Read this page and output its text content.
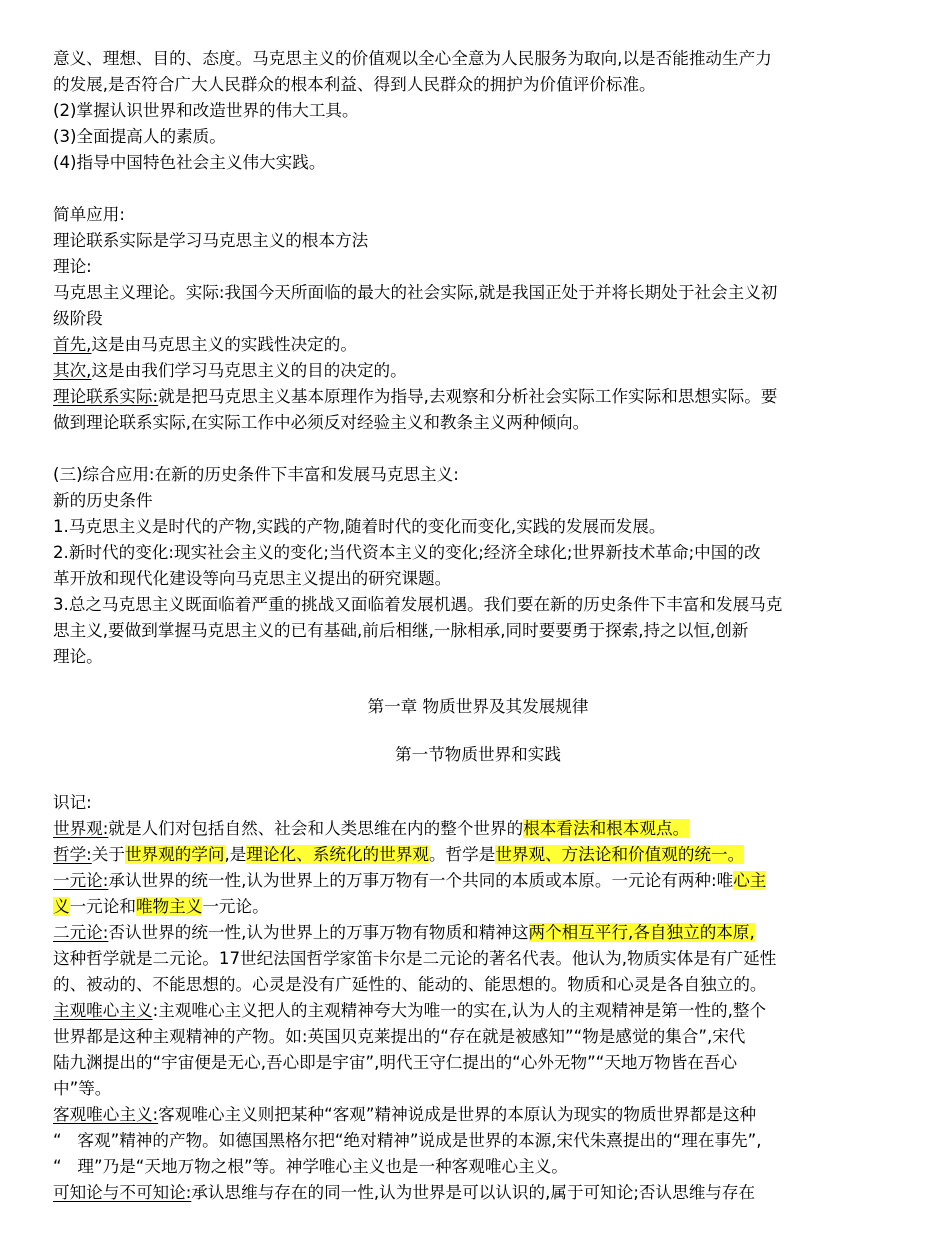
意义、理想、目的、态度。马克思主义的价值观以全心全意为人民服务为取向,以是否能推动生产力
的发展,是否符合广大人民群众的根本利益、得到人民群众的拥护为价值评价标准。
(2)掌握认识世界和改造世界的伟大工具。
(3)全面提高人的素质。
(4)指导中国特色社会主义伟大实践。
简单应用:
理论联系实际是学习马克思主义的根本方法
理论:
马克思主义理论。实际:我国今天所面临的最大的社会实际,就是我国正处于并将长期处于社会主义初
级阶段
首先,这是由马克思主义的实践性决定的。
其次,这是由我们学习马克思主义的目的决定的。
理论联系实际:就是把马克思主义基本原理作为指导,去观察和分析社会实际工作实际和思想实际。要
做到理论联系实际,在实际工作中必须反对经验主义和教条主义两种倾向。
(三)综合应用:在新的历史条件下丰富和发展马克思主义:
新的历史条件
1.马克思主义是时代的产物,实践的产物,随着时代的变化而变化,实践的发展而发展。
2.新时代的变化:现实社会主义的变化;当代资本主义的变化;经济全球化;世界新技术革命;中国的改
革开放和现代化建设等向马克思主义提出的研究课题。
3.总之马克思主义既面临着严重的挑战又面临着发展机遇。我们要在新的历史条件下丰富和发展马克
思主义,要做到掌握马克思主义的已有基础,前后相继,一脉相承,同时要要勇于探索,持之以恒,创新
理论。
第一章 物质世界及其发展规律
第一节物质世界和实践
识记:
世界观:就是人们对包括自然、社会和人类思维在内的整个世界的根本看法和根本观点。
哲学:关于世界观的学问,是理论化、系统化的世界观。哲学是世界观、方法论和价值观的统一。
一元论:承认世界的统一性,认为世界上的万事万物有一个共同的本质或本原。一元论有两种:唯心主
义一元论和唯物主义一元论。
二元论:否认世界的统一性,认为世界上的万事万物有物质和精神这两个相互平行,各自独立的本原,
这种哲学就是二元论。17世纪法国哲学家笛卡尔是二元论的著名代表。他认为,物质实体是有广延性
的、被动的、不能思想的。心灵是没有广延性的、能动的、能思想的。物质和心灵是各自独立的。
主观唯心主义:主观唯心主义把人的主观精神夸大为唯一的实在,认为人的主观精神是第一性的,整个
世界都是这种主观精神的产物。如:英国贝克莱提出的“存在就是被感知”“物是感觉的集合”,宋代
陆九渊提出的“宇宙便是无心,吾心即是宇宙”,明代王守仁提出的“心外无物”“天地万物皆在吾心
中”等。
客观唯心主义:客观唯心主义则把某种“客观”精神说成是世界的本原认为现实的物质世界都是这种
“   客观”精神的产物。如德国黑格尔把“绝对精神”说成是世界的本源,宋代朱熹提出的“理在事先”,
“   理”乃是“天地万物之根”等。神学唯心主义也是一种客观唯心主义。
可知论与不可知论:承认思维与存在的同一性,认为世界是可以认识的,属于可知论;否认思维与存在
